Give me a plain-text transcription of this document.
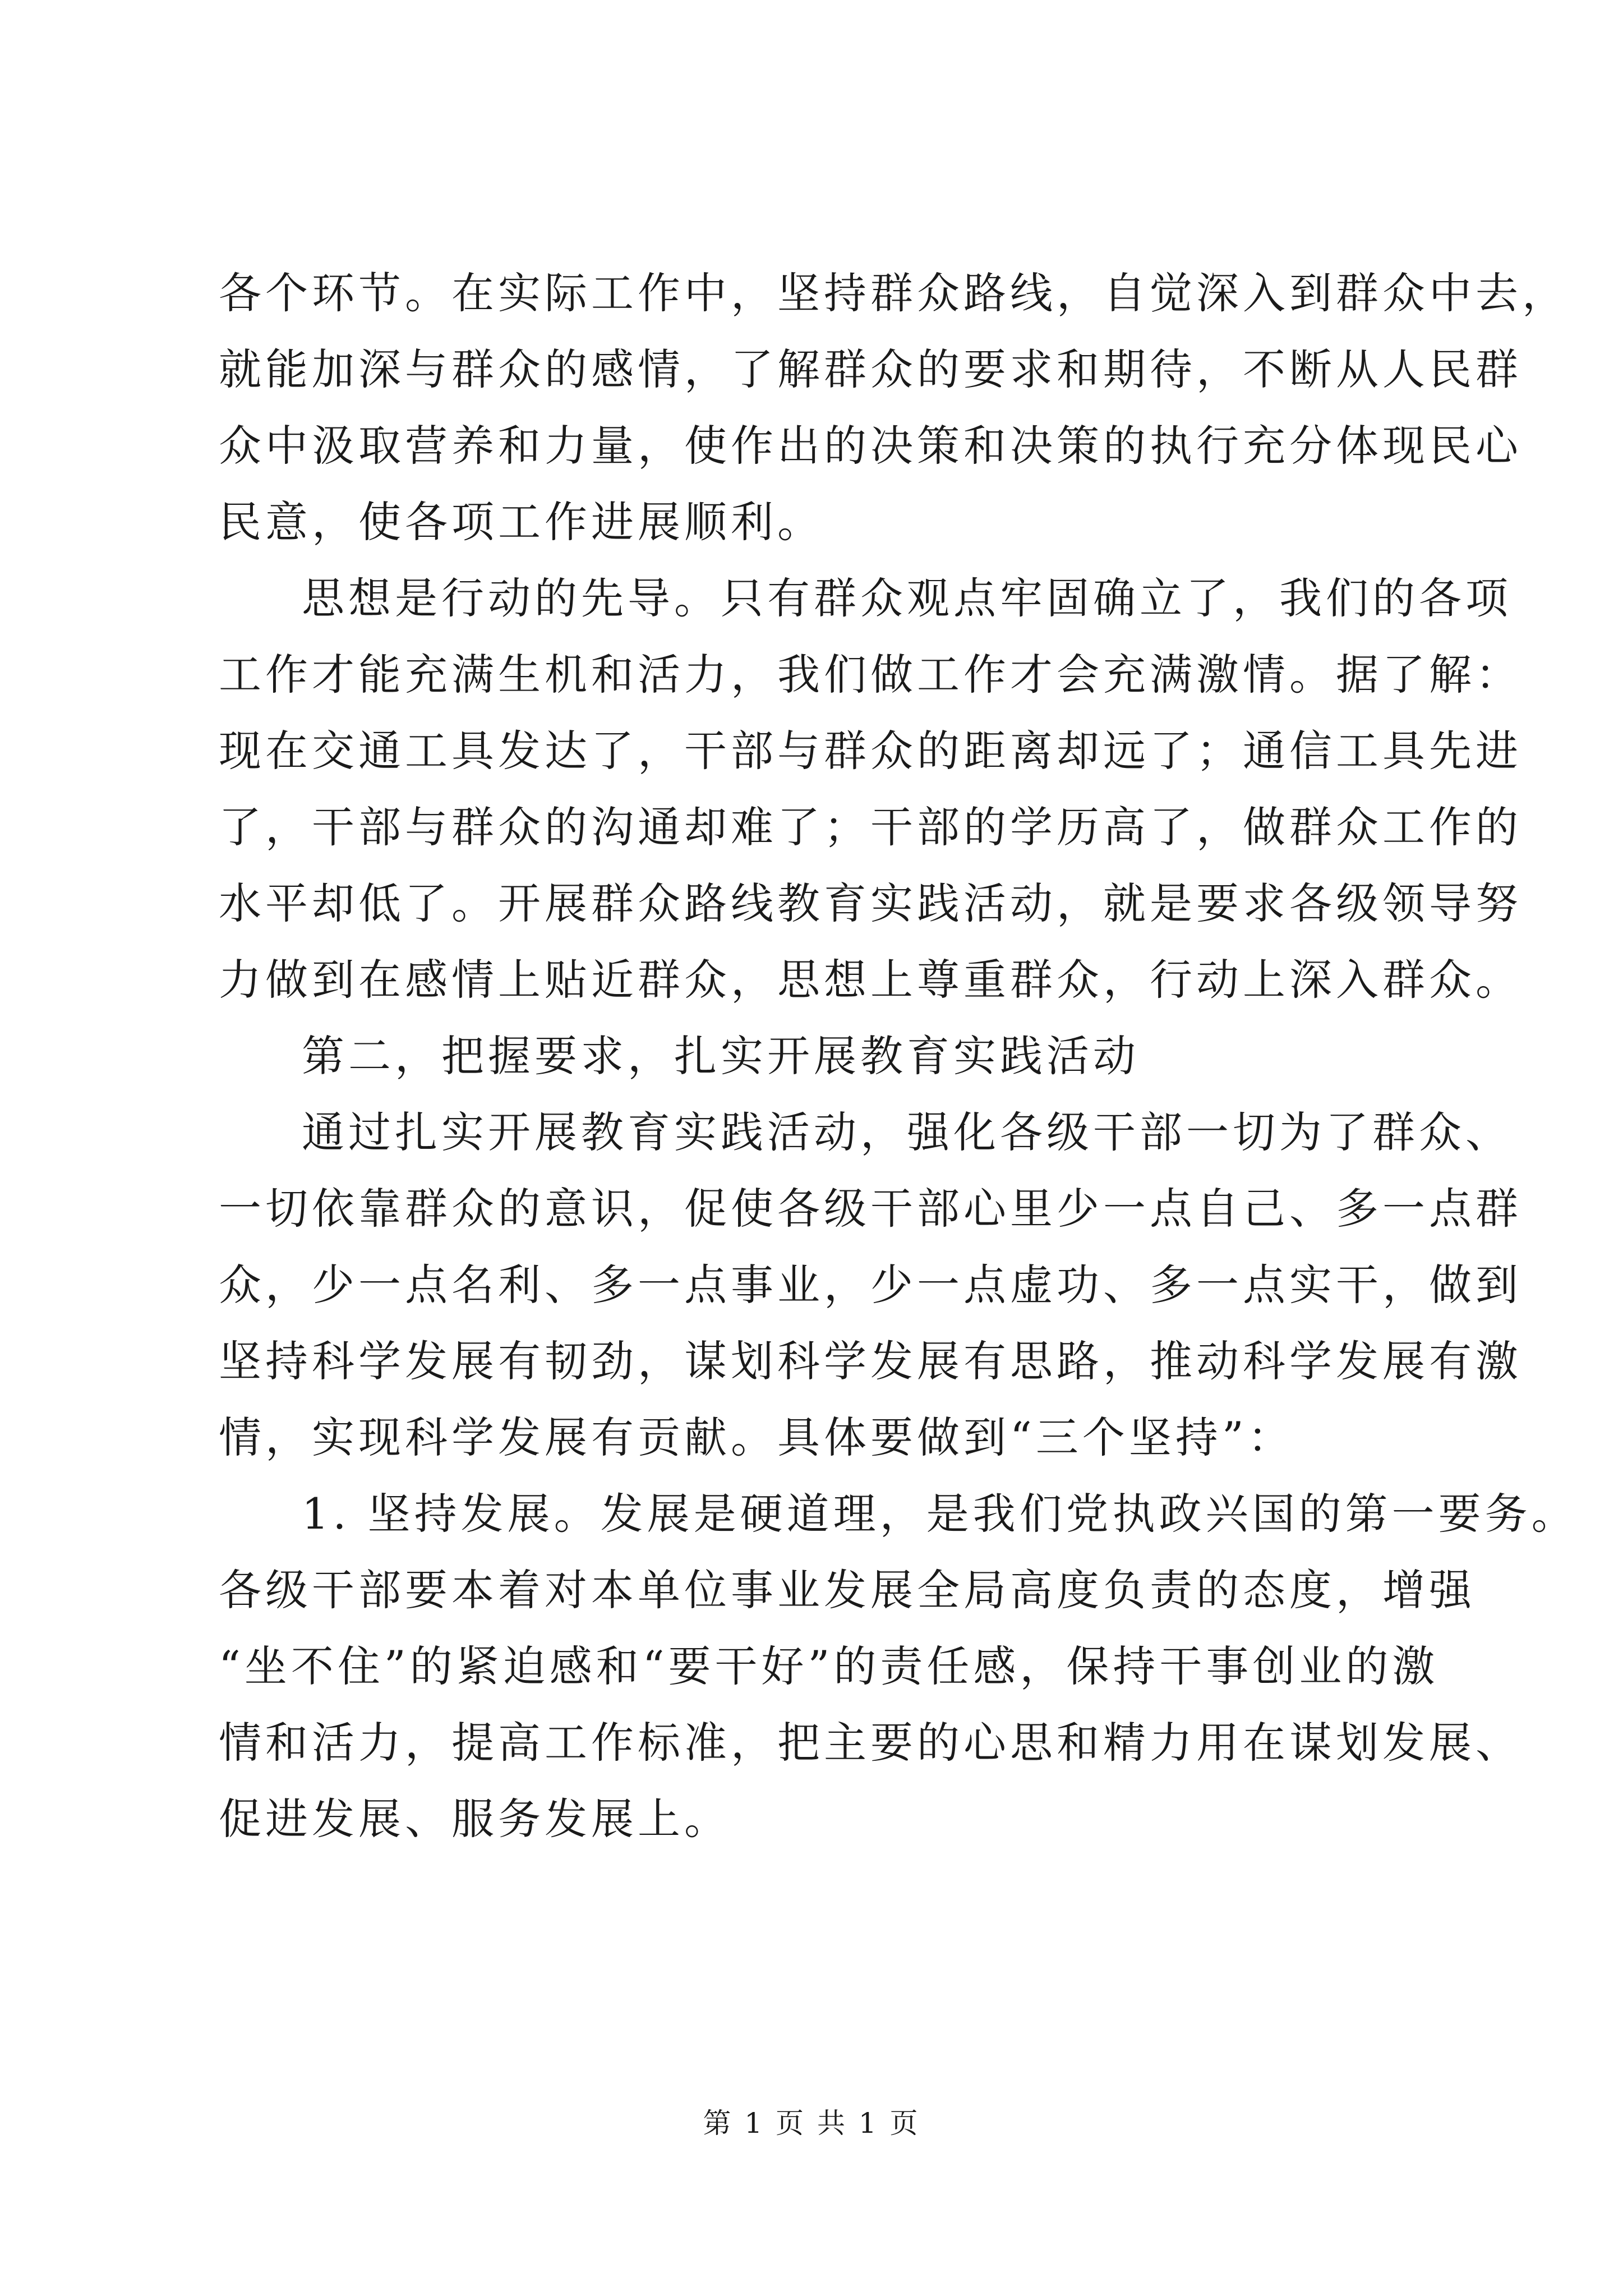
各个环节。在实际工作中，坚持群众路线，自觉深入到群众中去，
就能加深与群众的感情，了解群众的要求和期待，不断从人民群
众中汲取营养和力量，使作出的决策和决策的执行充分体现民心
民意，使各项工作进展顺利。
思想是行动的先导。只有群众观点牢固确立了，我们的各项
工作才能充满生机和活力，我们做工作才会充满激情。据了解：
现在交通工具发达了，干部与群众的距离却远了；通信工具先进
了，干部与群众的沟通却难了；干部的学历高了，做群众工作的
水平却低了。开展群众路线教育实践活动，就是要求各级领导努
力做到在感情上贴近群众，思想上尊重群众，行动上深入群众。
第二，把握要求，扎实开展教育实践活动
通过扎实开展教育实践活动，强化各级干部一切为了群众、
一切依靠群众的意识，促使各级干部心里少一点自己、多一点群
众，少一点名利、多一点事业，少一点虚功、多一点实干，做到
坚持科学发展有韧劲，谋划科学发展有思路，推动科学发展有激
情，实现科学发展有贡献。具体要做到“三个坚持”：
1. 坚持发展。发展是硬道理，是我们党执政兴国的第一要务。
各级干部要本着对本单位事业发展全局高度负责的态度，增强
“坐不住”的紧迫感和“要干好”的责任感，保持干事创业的激
情和活力，提高工作标准，把主要的心思和精力用在谋划发展、
促进发展、服务发展上。
第 1 页 共 1 页
